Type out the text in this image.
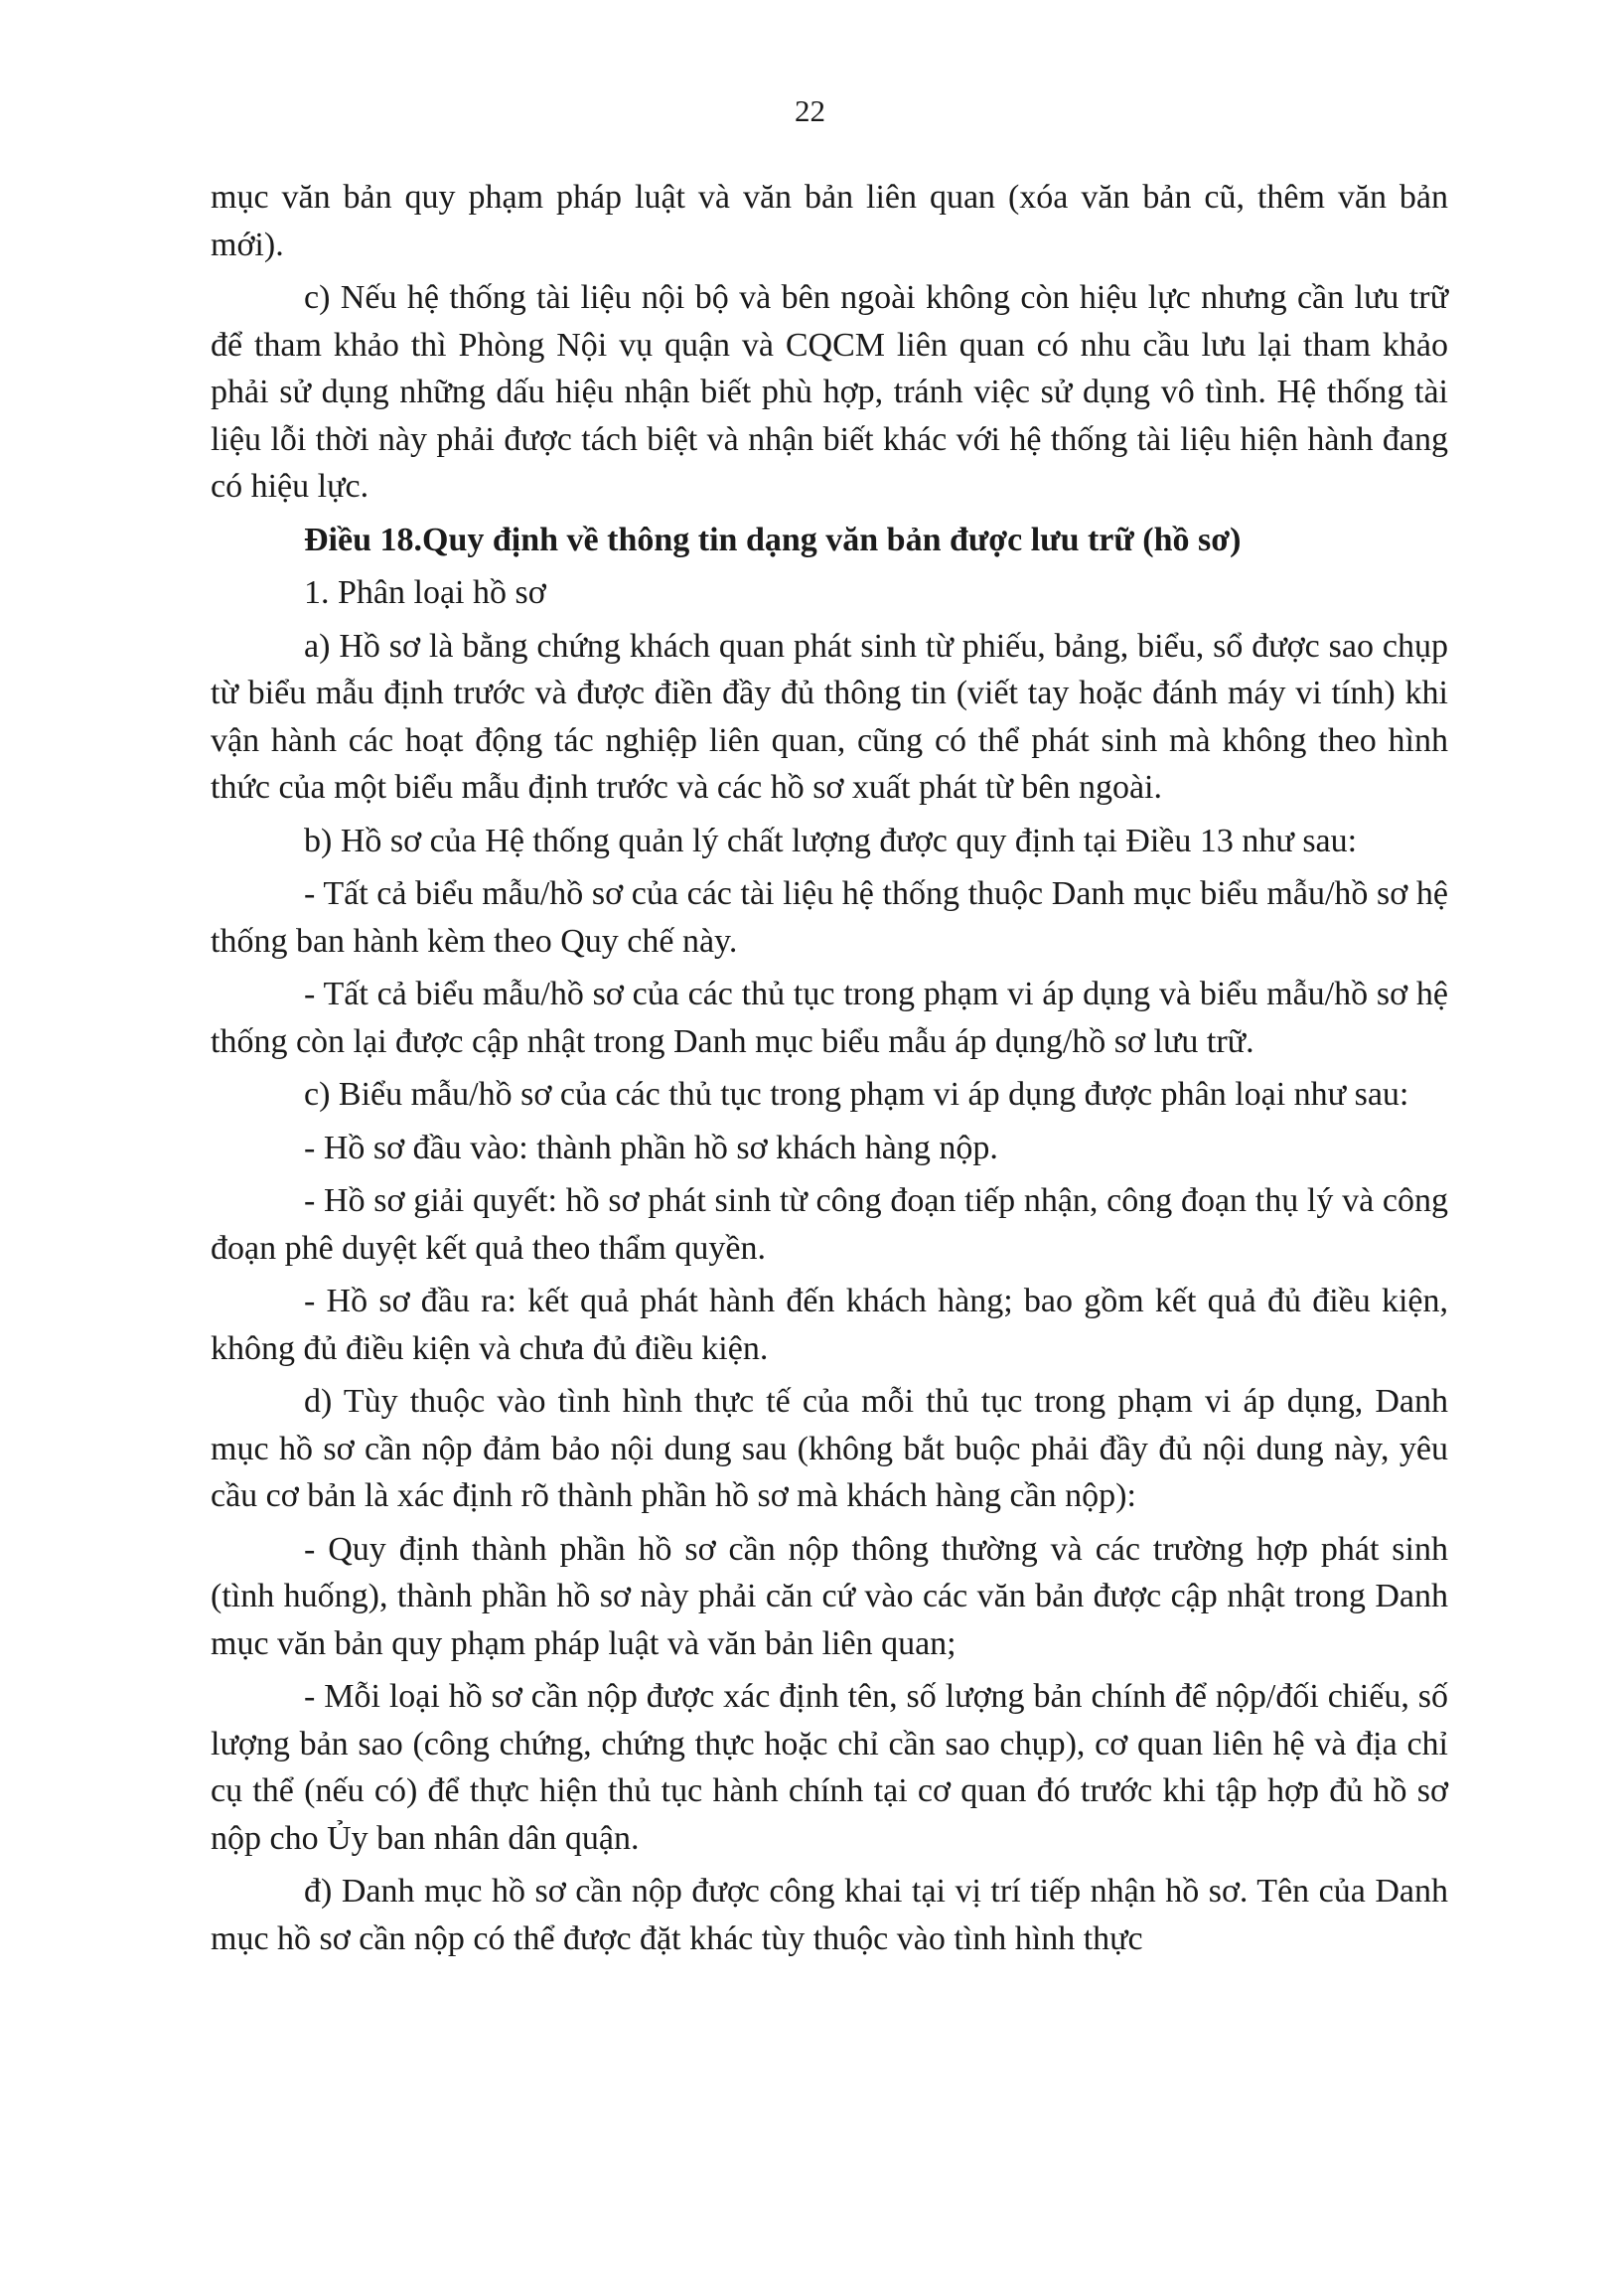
22

mục văn bản quy phạm pháp luật và văn bản liên quan (xóa văn bản cũ, thêm văn bản mới).

c) Nếu hệ thống tài liệu nội bộ và bên ngoài không còn hiệu lực nhưng cần lưu trữ để tham khảo thì Phòng Nội vụ quận và CQCM liên quan có nhu cầu lưu lại tham khảo phải sử dụng những dấu hiệu nhận biết phù hợp, tránh việc sử dụng vô tình. Hệ thống tài liệu lỗi thời này phải được tách biệt và nhận biết khác với hệ thống tài liệu hiện hành đang có hiệu lực.

Điều 18.Quy định về thông tin dạng văn bản được lưu trữ (hồ sơ)

1. Phân loại hồ sơ

a) Hồ sơ là bằng chứng khách quan phát sinh từ phiếu, bảng, biểu, sổ được sao chụp từ biểu mẫu định trước và được điền đầy đủ thông tin (viết tay hoặc đánh máy vi tính) khi vận hành các hoạt động tác nghiệp liên quan, cũng có thể phát sinh mà không theo hình thức của một biểu mẫu định trước và các hồ sơ xuất phát từ bên ngoài.

b) Hồ sơ của Hệ thống quản lý chất lượng được quy định tại Điều 13 như sau:

- Tất cả biểu mẫu/hồ sơ của các tài liệu hệ thống thuộc Danh mục biểu mẫu/hồ sơ hệ thống ban hành kèm theo Quy chế này.

- Tất cả biểu mẫu/hồ sơ của các thủ tục trong phạm vi áp dụng và biểu mẫu/hồ sơ hệ thống còn lại được cập nhật trong Danh mục biểu mẫu áp dụng/hồ sơ lưu trữ.

c) Biểu mẫu/hồ sơ của các thủ tục trong phạm vi áp dụng được phân loại như sau:

- Hồ sơ đầu vào: thành phần hồ sơ khách hàng nộp.

- Hồ sơ giải quyết: hồ sơ phát sinh từ công đoạn tiếp nhận, công đoạn thụ lý và công đoạn phê duyệt kết quả theo thẩm quyền.

- Hồ sơ đầu ra: kết quả phát hành đến khách hàng; bao gồm kết quả đủ điều kiện, không đủ điều kiện và chưa đủ điều kiện.

d) Tùy thuộc vào tình hình thực tế của mỗi thủ tục trong phạm vi áp dụng, Danh mục hồ sơ cần nộp đảm bảo nội dung sau (không bắt buộc phải đầy đủ nội dung này, yêu cầu cơ bản là xác định rõ thành phần hồ sơ mà khách hàng cần nộp):

- Quy định thành phần hồ sơ cần nộp thông thường và các trường hợp phát sinh (tình huống), thành phần hồ sơ này phải căn cứ vào các văn bản được cập nhật trong Danh mục văn bản quy phạm pháp luật và văn bản liên quan;

- Mỗi loại hồ sơ cần nộp được xác định tên, số lượng bản chính để nộp/đối chiếu, số lượng bản sao (công chứng, chứng thực hoặc chỉ cần sao chụp), cơ quan liên hệ và địa chỉ cụ thể (nếu có) để thực hiện thủ tục hành chính tại cơ quan đó trước khi tập hợp đủ hồ sơ nộp cho Ủy ban nhân dân quận.

đ) Danh mục hồ sơ cần nộp được công khai tại vị trí tiếp nhận hồ sơ. Tên của Danh mục hồ sơ cần nộp có thể được đặt khác tùy thuộc vào tình hình thực
